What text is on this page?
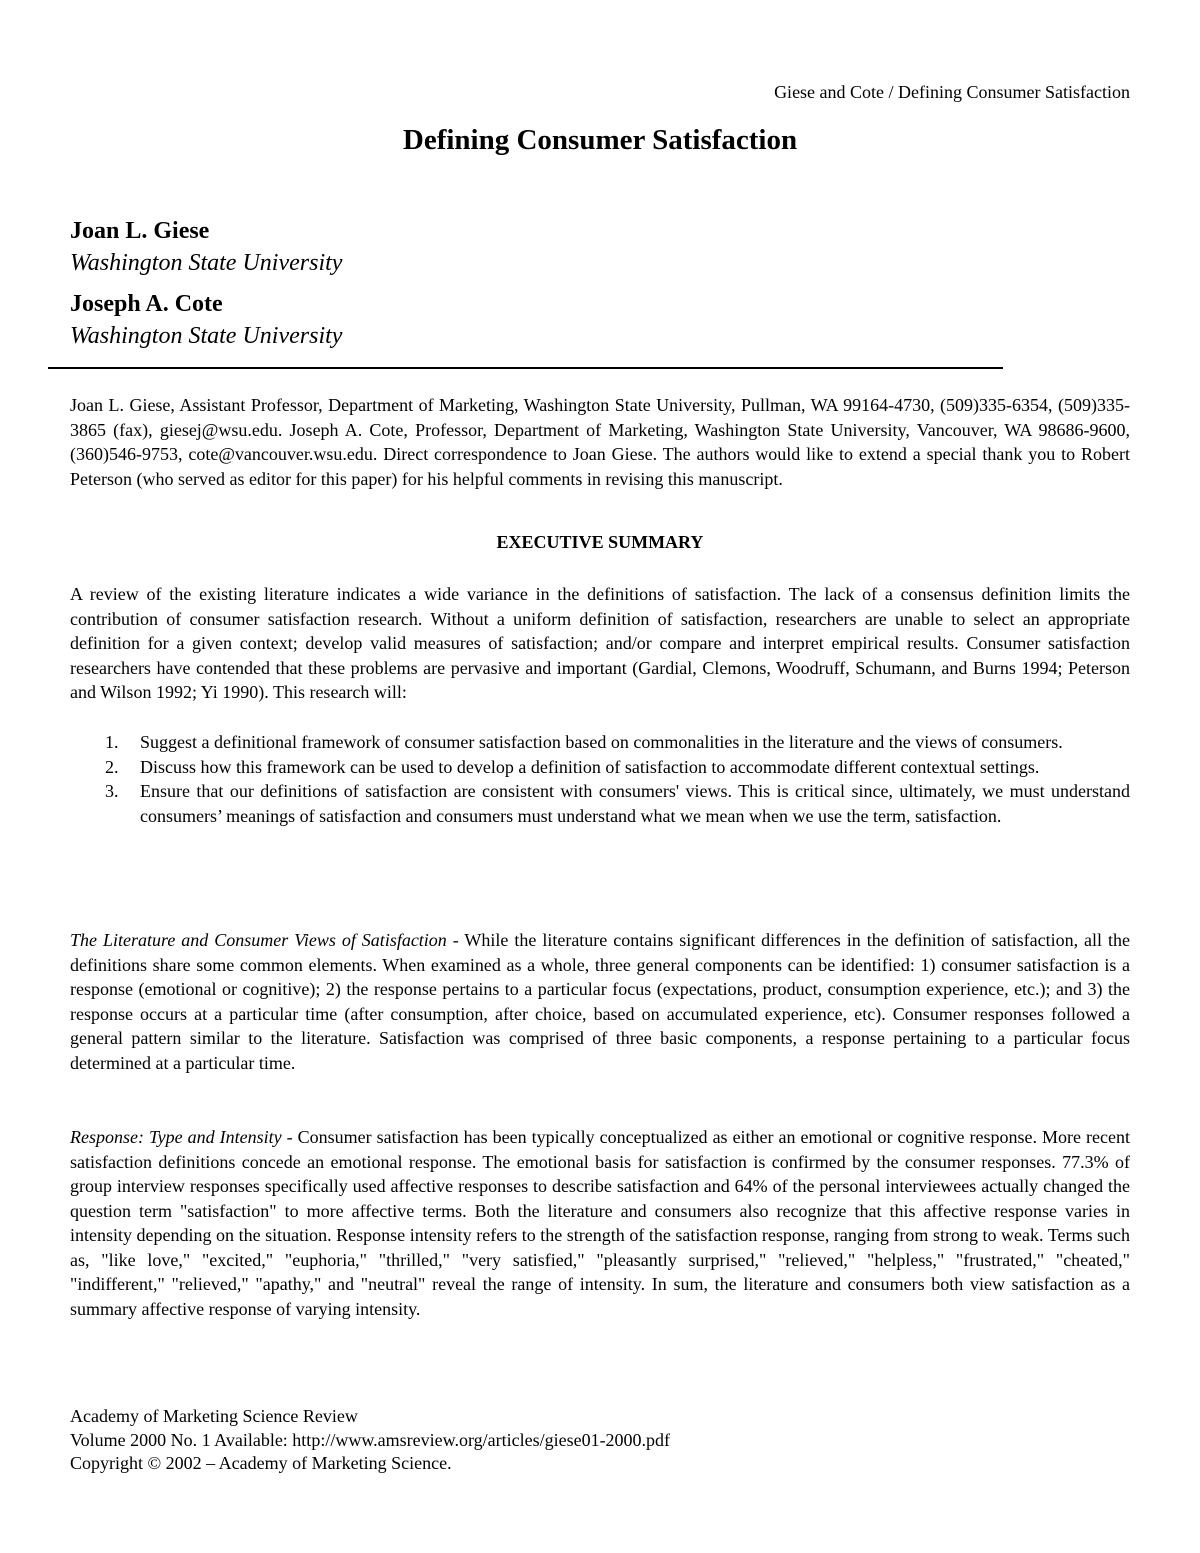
Giese and Cote / Defining Consumer Satisfaction
Defining Consumer Satisfaction
Joan L. Giese
Washington State University
Joseph A. Cote
Washington State University
Joan L. Giese, Assistant Professor, Department of Marketing, Washington State University, Pullman, WA 99164-4730, (509)335-6354, (509)335-3865 (fax), giesej@wsu.edu. Joseph A. Cote, Professor, Department of Marketing, Washington State University, Vancouver, WA 98686-9600, (360)546-9753, cote@vancouver.wsu.edu. Direct correspondence to Joan Giese. The authors would like to extend a special thank you to Robert Peterson (who served as editor for this paper) for his helpful comments in revising this manuscript.
EXECUTIVE SUMMARY
A review of the existing literature indicates a wide variance in the definitions of satisfaction. The lack of a consensus definition limits the contribution of consumer satisfaction research. Without a uniform definition of satisfaction, researchers are unable to select an appropriate definition for a given context; develop valid measures of satisfaction; and/or compare and interpret empirical results. Consumer satisfaction researchers have contended that these problems are pervasive and important (Gardial, Clemons, Woodruff, Schumann, and Burns 1994; Peterson and Wilson 1992; Yi 1990). This research will:
1. Suggest a definitional framework of consumer satisfaction based on commonalities in the literature and the views of consumers.
2. Discuss how this framework can be used to develop a definition of satisfaction to accommodate different contextual settings.
3. Ensure that our definitions of satisfaction are consistent with consumers' views. This is critical since, ultimately, we must understand consumers’ meanings of satisfaction and consumers must understand what we mean when we use the term, satisfaction.
The Literature and Consumer Views of Satisfaction - While the literature contains significant differences in the definition of satisfaction, all the definitions share some common elements. When examined as a whole, three general components can be identified: 1) consumer satisfaction is a response (emotional or cognitive); 2) the response pertains to a particular focus (expectations, product, consumption experience, etc.); and 3) the response occurs at a particular time (after consumption, after choice, based on accumulated experience, etc). Consumer responses followed a general pattern similar to the literature. Satisfaction was comprised of three basic components, a response pertaining to a particular focus determined at a particular time.
Response: Type and Intensity - Consumer satisfaction has been typically conceptualized as either an emotional or cognitive response. More recent satisfaction definitions concede an emotional response. The emotional basis for satisfaction is confirmed by the consumer responses. 77.3% of group interview responses specifically used affective responses to describe satisfaction and 64% of the personal interviewees actually changed the question term "satisfaction" to more affective terms. Both the literature and consumers also recognize that this affective response varies in intensity depending on the situation. Response intensity refers to the strength of the satisfaction response, ranging from strong to weak. Terms such as, "like love," "excited," "euphoria," "thrilled," "very satisfied," "pleasantly surprised," "relieved," "helpless," "frustrated," "cheated," "indifferent," "relieved," "apathy," and "neutral" reveal the range of intensity. In sum, the literature and consumers both view satisfaction as a summary affective response of varying intensity.
Academy of Marketing Science Review
Volume 2000 No. 1 Available: http://www.amsreview.org/articles/giese01-2000.pdf
Copyright © 2002 – Academy of Marketing Science.
